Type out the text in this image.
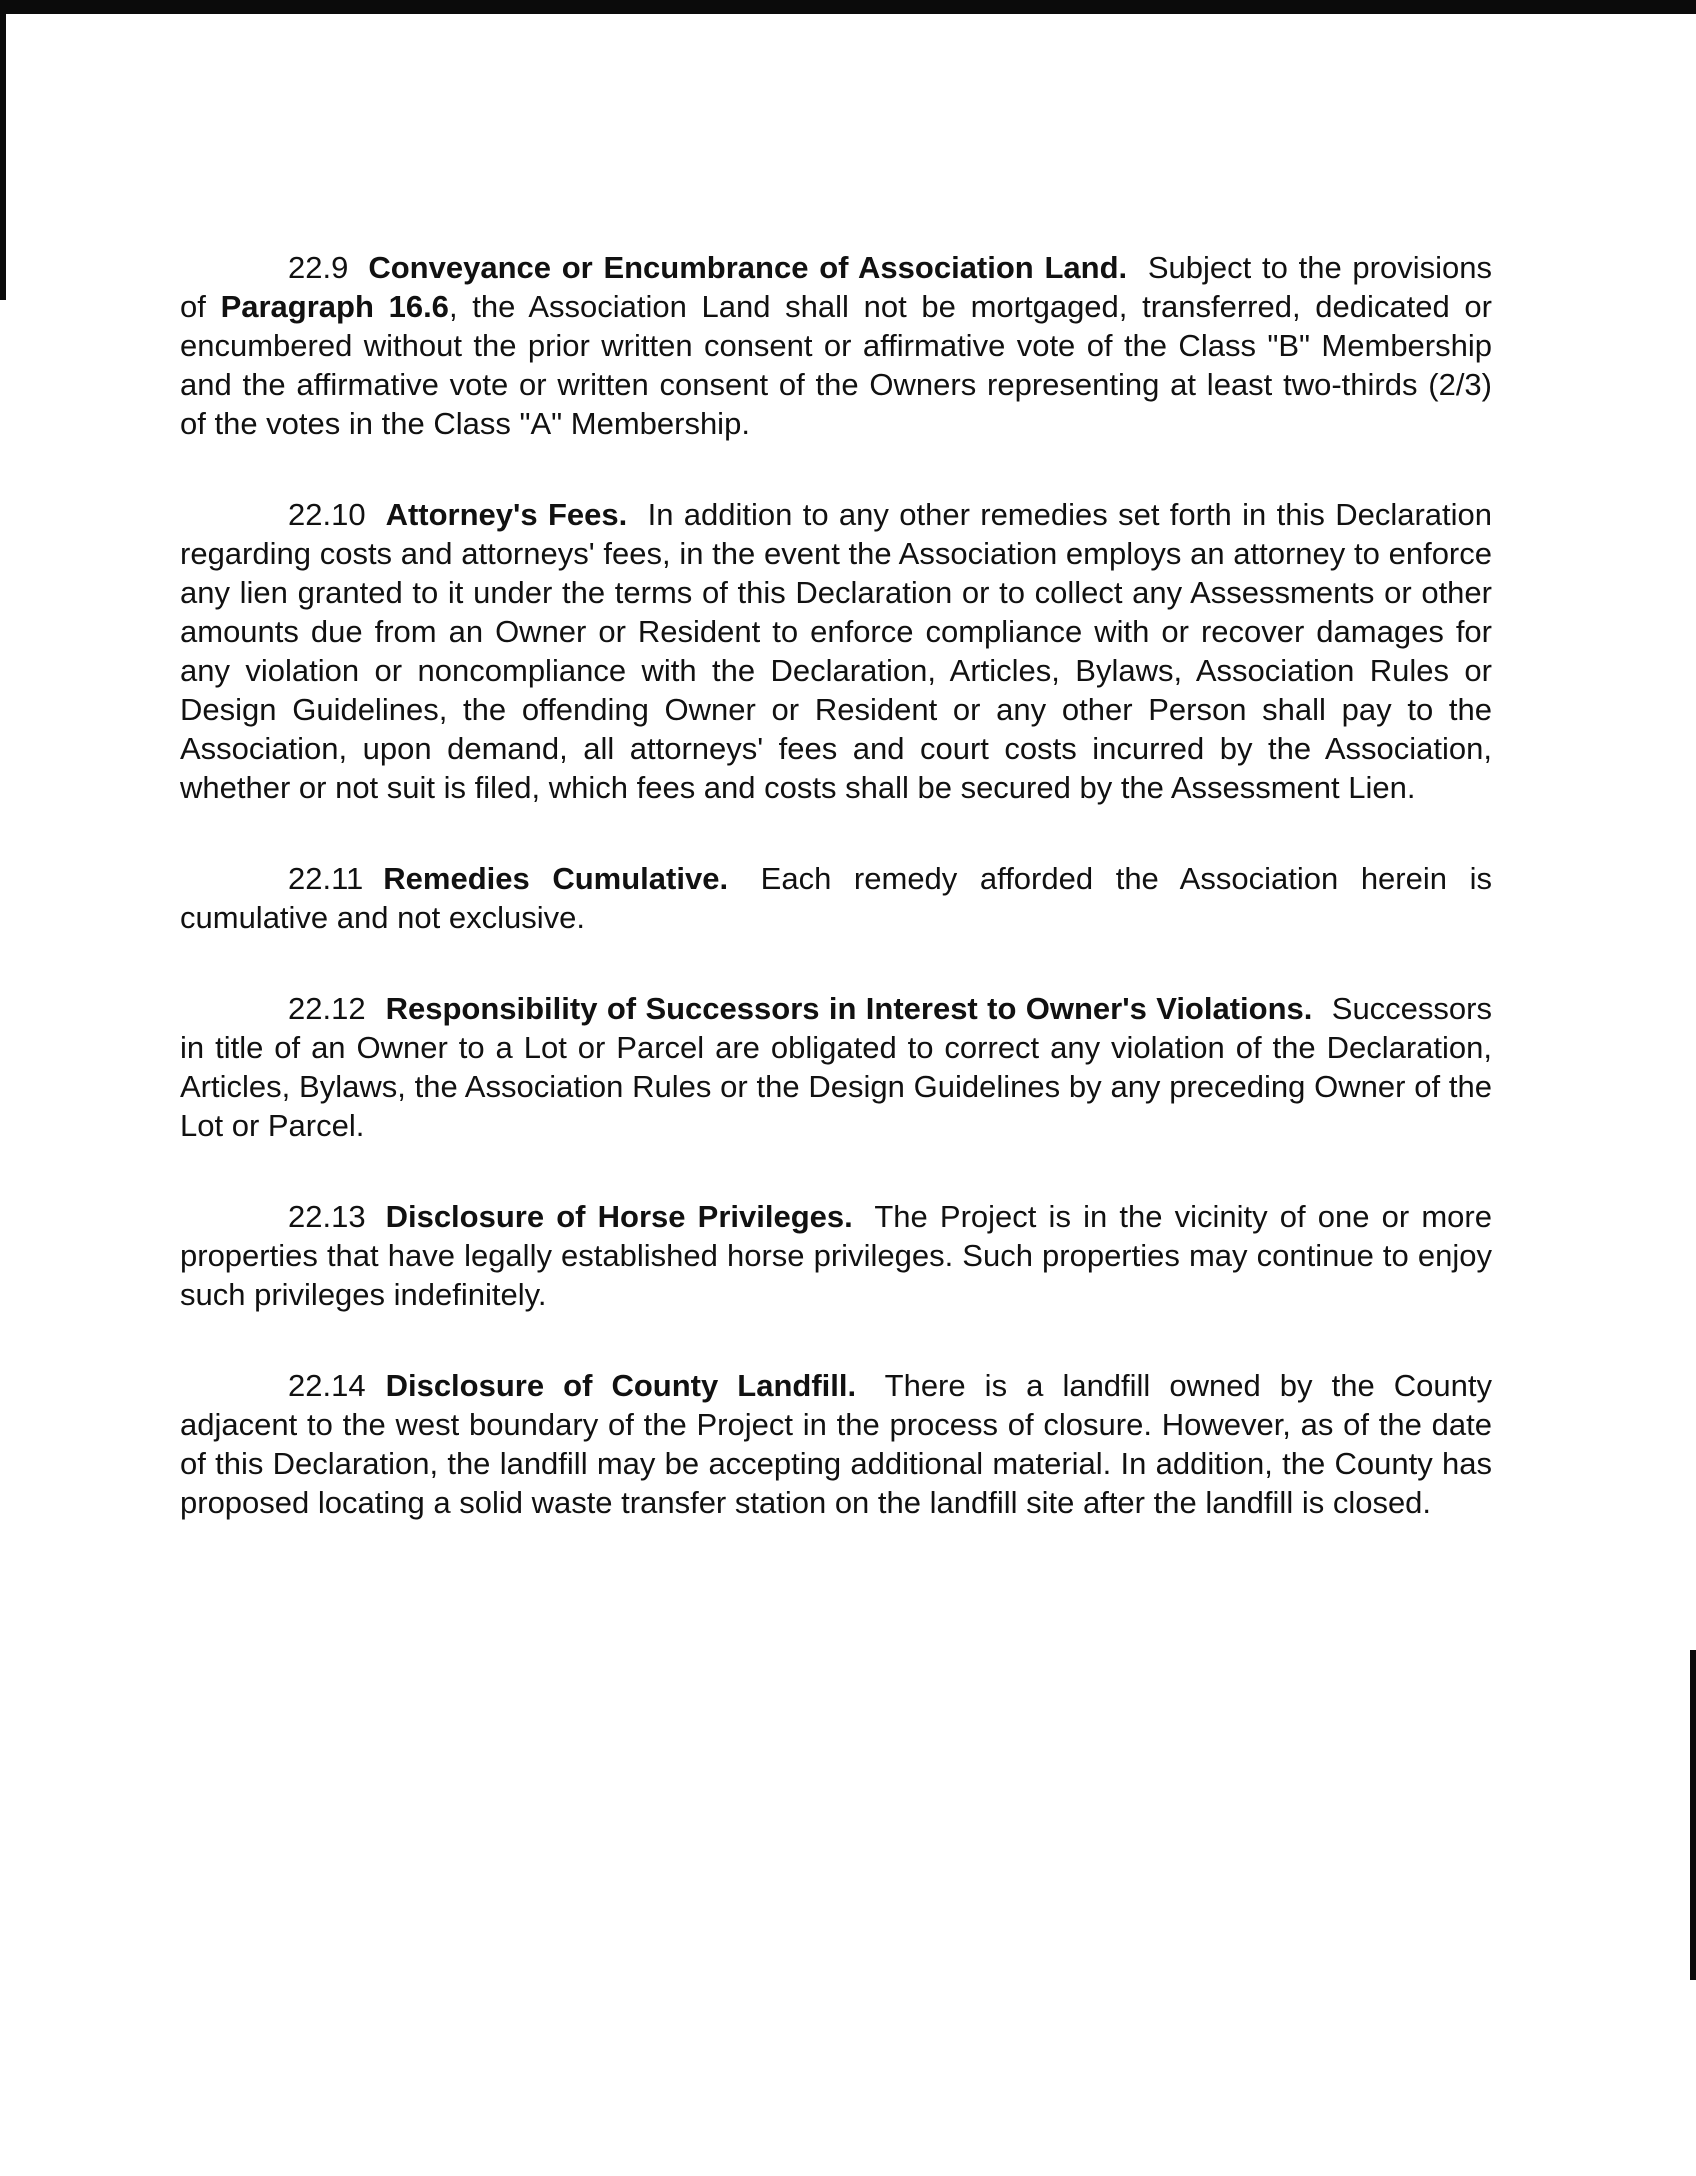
22.9 Conveyance or Encumbrance of Association Land. Subject to the provisions of Paragraph 16.6, the Association Land shall not be mortgaged, transferred, dedicated or encumbered without the prior written consent or affirmative vote of the Class "B" Membership and the affirmative vote or written consent of the Owners representing at least two-thirds (2/3) of the votes in the Class "A" Membership.

22.10 Attorney's Fees. In addition to any other remedies set forth in this Declaration regarding costs and attorneys' fees, in the event the Association employs an attorney to enforce any lien granted to it under the terms of this Declaration or to collect any Assessments or other amounts due from an Owner or Resident to enforce compliance with or recover damages for any violation or noncompliance with the Declaration, Articles, Bylaws, Association Rules or Design Guidelines, the offending Owner or Resident or any other Person shall pay to the Association, upon demand, all attorneys' fees and court costs incurred by the Association, whether or not suit is filed, which fees and costs shall be secured by the Assessment Lien.

22.11 Remedies Cumulative. Each remedy afforded the Association herein is cumulative and not exclusive.

22.12 Responsibility of Successors in Interest to Owner's Violations. Successors in title of an Owner to a Lot or Parcel are obligated to correct any violation of the Declaration, Articles, Bylaws, the Association Rules or the Design Guidelines by any preceding Owner of the Lot or Parcel.

22.13 Disclosure of Horse Privileges. The Project is in the vicinity of one or more properties that have legally established horse privileges. Such properties may continue to enjoy such privileges indefinitely.

22.14 Disclosure of County Landfill. There is a landfill owned by the County adjacent to the west boundary of the Project in the process of closure. However, as of the date of this Declaration, the landfill may be accepting additional material. In addition, the County has proposed locating a solid waste transfer station on the landfill site after the landfill is closed.
